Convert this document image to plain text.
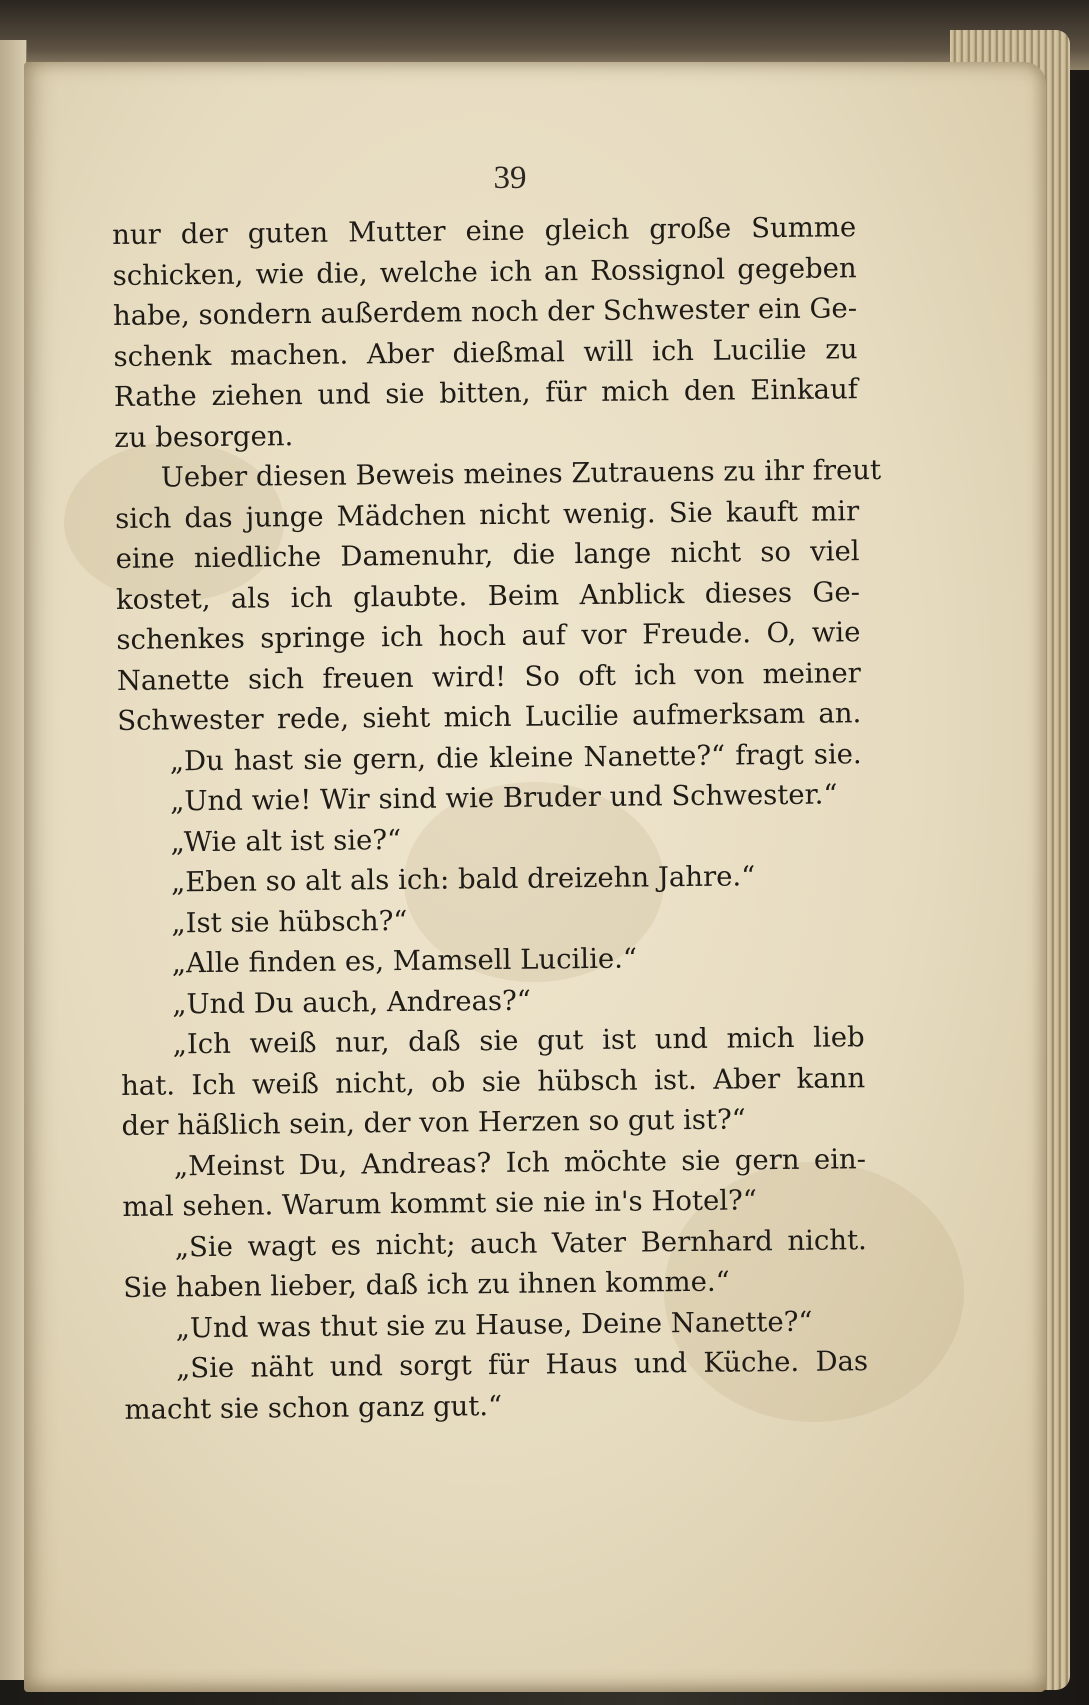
39
nur der guten Mutter eine gleich große Summe
schicken, wie die, welche ich an Rossignol gegeben
habe, sondern außerdem noch der Schwester ein Ge-
schenk machen. Aber dießmal will ich Lucilie zu
Rathe ziehen und sie bitten, für mich den Einkauf
zu besorgen.
Ueber diesen Beweis meines Zutrauens zu ihr freut
sich das junge Mädchen nicht wenig. Sie kauft mir
eine niedliche Damenuhr, die lange nicht so viel
kostet, als ich glaubte. Beim Anblick dieses Ge-
schenkes springe ich hoch auf vor Freude. O, wie
Nanette sich freuen wird! So oft ich von meiner
Schwester rede, sieht mich Lucilie aufmerksam an.
„Du hast sie gern, die kleine Nanette?“ fragt sie.
„Und wie! Wir sind wie Bruder und Schwester.“
„Wie alt ist sie?“
„Eben so alt als ich: bald dreizehn Jahre.“
„Ist sie hübsch?“
„Alle finden es, Mamsell Lucilie.“
„Und Du auch, Andreas?“
„Ich weiß nur, daß sie gut ist und mich lieb
hat. Ich weiß nicht, ob sie hübsch ist. Aber kann
der häßlich sein, der von Herzen so gut ist?“
„Meinst Du, Andreas? Ich möchte sie gern ein-
mal sehen. Warum kommt sie nie in's Hotel?“
„Sie wagt es nicht; auch Vater Bernhard nicht.
Sie haben lieber, daß ich zu ihnen komme.“
„Und was thut sie zu Hause, Deine Nanette?“
„Sie näht und sorgt für Haus und Küche. Das
macht sie schon ganz gut.“
